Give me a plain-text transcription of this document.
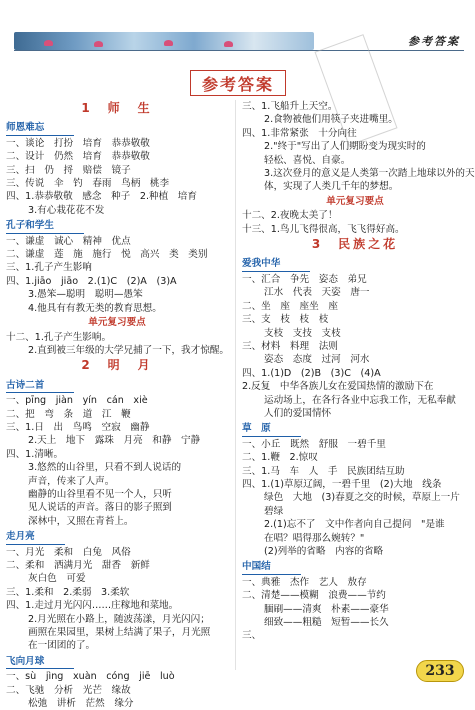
参考答案
参考答案
1　师　生
师恩难忘
一、谈论　打扮　培育　恭恭敬敬
二、设计　仍然　培育　恭恭敬敬
三、扫　仍　捋　赔偿　镜子
三、传说　伞　钓　春雨　鸟柄　桃李
四、1.恭恭敬敬　感念　种子　2.种植　培育
3.有心栽花花不发
孔子和学生
一、谦虚　诚心　精神　优点
二、谦虚　莲　施　施行　悦　高兴　类　类别
三、1.孔子产生影响
四、1.jiāo　jiāo　2.(1)C　(2)A　(3)A
3.愚笨—聪明　聪明—愚笨
4.他具有有教无类的教育思想。
单元复习要点
十二、1.孔子产生影响。
2.直到被三年级的大学兄捕了一下，我才惊醒。
2　明　月
古诗二首
一、pīng　jiàn　yín　cán　xiè
二、把　弯　条　道　江　鞭
三、1.日　出　鸟鸣　空寂　幽静
2.天上　地下　露珠　月亮　和静　宁静
四、1.清晰。
3.悠然的山谷里，只看不到人说话的
声音，传来了人声。
幽静的山谷里看不见一个人，只听
见人说话的声音。落日的影子照到
深林中，又照在青苔上。
走月亮
一、月光　柔和　白兔　风俗
二、柔和　洒满月光　甜香　新鲜
灰白色　可爱
三、1.柔和　2.柔弱　3.柔软
四、1.走过月光闪闪……庄稼地和菜地。
2.月光照在小路上，随波荡漾，月光闪闪；
画照在果园里，果树上结满了果子，月光照
在一团团的了。
飞向月球
一、sù　jìng　xuàn　cóng　jiē　luò
二、飞驰　分析　光芒　缘故
松弛　讲析　茫然　缘分
三、1.飞船升上天空。
2.食物被他们用筷子夹进嘴里。
四、1.非常紧张　十分向往
2."终于"写出了人们期盼变为现实时的
轻松、喜悦、自豪。
3.这次登月的意义是人类第一次踏上地球以外的天
体，实现了人类几千年的梦想。
单元复习要点
十二、2.夜晚太美了！
十三、1.鸟儿飞得很高，飞飞得好高。
3　民族之花
爱我中华
一、汇合　争先　姿态　弟兄
江水　代表　天姿　唐一
二、坐　座　座坐　座
三、支　枝　枝　枝
支枝　支技　支枝
三、材料　料理　法则
姿态　态度　过河　河水
四、1.(1)D　(2)B　(3)C　(4)A
2.反复　中华各族儿女在爱国热情的激励下在
运动场上，在各行各业中忘我工作，无私奉献
人们的爱国情怀
草　原
一、小丘　既然　舒服　一碧千里
二、1.鞭　2.惊叹
三、1.马　车　人　手　民族团结互助
四、1.(1)草原辽阔，一碧千里　(2)大地　线条
绿色　大地　(3)春夏之交的时候，草原上一片
碧绿
2.(1)忘不了　文中作者向自己提问　"是谁
在唱？唱得那么婉转？"
(2)列举的省略　内容的省略
中国结
一、典雅　杰作　艺人　敖存
二、清楚——模糊　浪费——节约
腼刷——清爽　朴素——豪华
细致——粗糙　短暂——长久
三、
233
